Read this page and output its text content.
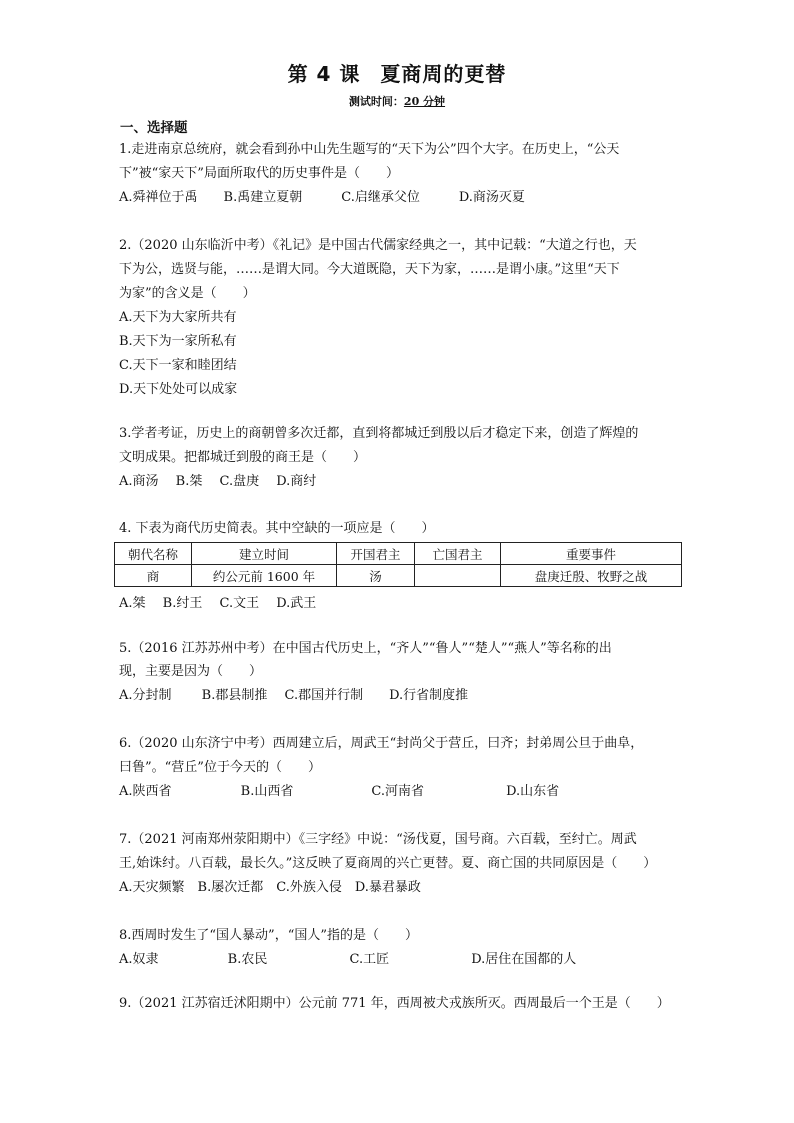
第 4 课 夏商周的更替
测试时间：20 分钟
一、选择题
1.走进南京总统府，就会看到孙中山先生题写的“天下为公”四个大字。在历史上，“公天
下”被“家天下”局面所取代的历史事件是（　　）
A.舜禅位于禹　　B.禹建立夏朝　　　C.启继承父位　　　D.商汤灭夏
2.（2020 山东临沂中考）《礼记》是中国古代儒家经典之一，其中记载：“大道之行也，天
下为公，选贤与能，……是谓大同。今大道既隐，天下为家，……是谓小康。”这里“天下
为家”的含义是（　　）
A.天下为大家所共有
B.天下为一家所私有
C.天下一家和睦团结
D.天下处处可以成家
3.学者考证，历史上的商朝曾多次迁都，直到将都城迁到殷以后才稳定下来，创造了辉煌的
文明成果。把都城迁到殷的商王是（　　）
A.商汤　 B.桀　 C.盘庚　 D.商纣
4. 下表为商代历史简表。其中空缺的一项应是（　　）
朝代名称	建立时间	开国君主	亡国君主	重要事件
商	约公元前 1600 年	汤		盘庚迁殷、牧野之战
A.桀　 B.纣王　 C.文王　 D.武王
5.（2016 江苏苏州中考）在中国古代历史上，“齐人”“鲁人”“楚人”“燕人”等名称的出
现，主要是因为（　　）
A.分封制　　 B.郡县制推　 C.郡国并行制　　D.行省制度推
6.（2020 山东济宁中考）西周建立后，周武王“封尚父于营丘，曰齐；封弟周公旦于曲阜，
曰鲁”。“营丘”位于今天的（　　）
A.陕西省　　　　　 B.山西省　　　　　　C.河南省　　　　　　 D.山东省
7.（2021 河南郑州荥阳期中）《三字经》中说：“汤伐夏，国号商。六百载，至纣亡。周武
王,始诛纣。八百载，最长久。”这反映了夏商周的兴亡更替。夏、商亡国的共同原因是（　　）
A.天灾频繁　B.屡次迁都　C.外族入侵　D.暴君暴政
8.西周时发生了“国人暴动”，“国人”指的是（　　）
A.奴隶　　　　　 B.农民　　　　　　 C.工匠　　　　　　 D.居住在国都的人
9.（2021 江苏宿迁沭阳期中）公元前 771 年，西周被犬戎族所灭。西周最后一个王是（　　）
